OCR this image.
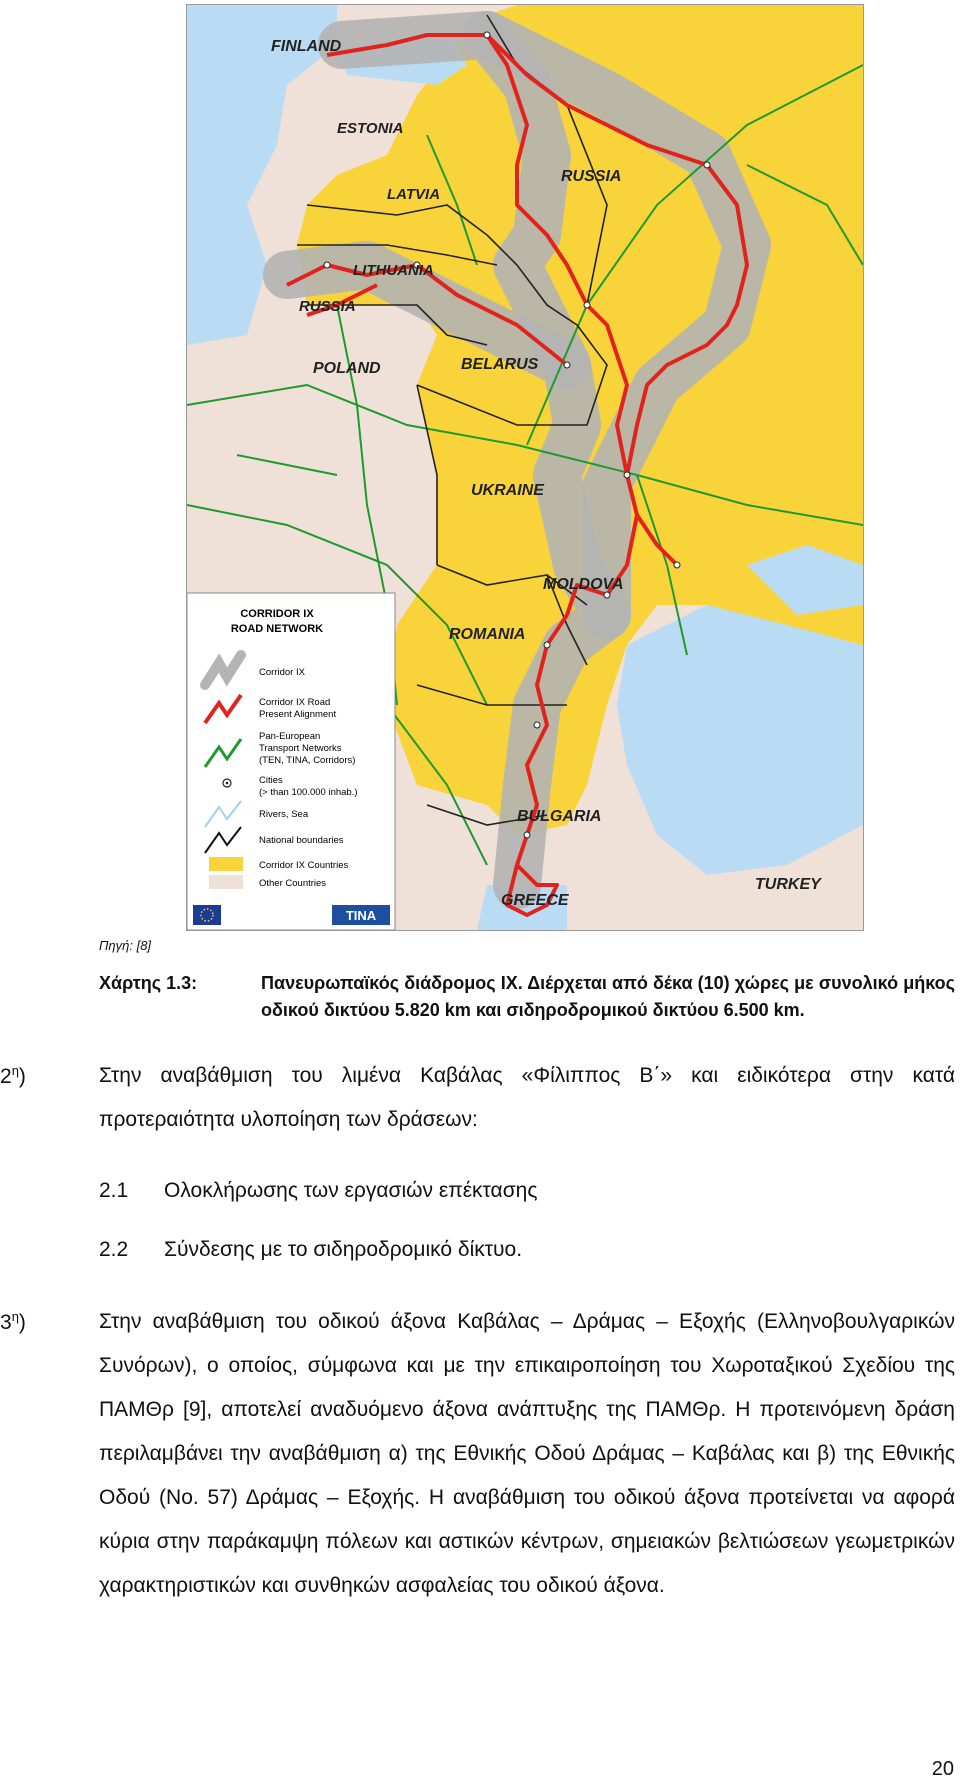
FINLAND
ESTONIA
LATVIA
LITHUANIA
RUSSIA
RUSSIA
POLAND	BELARUS
UKRAINE
MOLDOVA
ROMANIA
BULGARIA
GREECE
TURKEY
CORRIDOR IX
ROAD NETWORK
Corridor IX
Corridor IX Road
Present Alignment
Pan-European
Transport Networks
(TEN, TINA, Corridors)
Cities
(> than 100.000 inhab.)
Rivers, Sea
National boundaries
Corridor IX Countries
Other Countries
TINA
Πηγή: [8]
Χάρτης 1.3:	Πανευρωπαϊκός διάδρομος ΙΧ. Διέρχεται από δέκα (10) χώρες με συνολικό μήκος οδικού δικτύου 5.820 km και σιδηροδρομικού δικτύου 6.500 km.
$2^\eta$)	Στην αναβάθμιση του λιμένα Καβάλας «Φίλιππος Β΄» και ειδικότερα στην κατά προτεραιότητα υλοποίηση των δράσεων:
2.1 Ολοκλήρωσης των εργασιών επέκτασης
2.2 Σύνδεσης με το σιδηροδρομικό δίκτυο.
$3^\eta$)	Στην αναβάθμιση του οδικού άξονα Καβάλας – Δράμας – Εξοχής (Ελληνοβουλγαρικών Συνόρων), ο οποίος, σύμφωνα και με την επικαιροποίηση του Χωροταξικού Σχεδίου της ΠΑΜΘρ [9], αποτελεί αναδυόμενο άξονα ανάπτυξης της ΠΑΜΘρ. Η προτεινόμενη δράση περιλαμβάνει την αναβάθμιση α) της Εθνικής Οδού Δράμας – Καβάλας και β) της Εθνικής Οδού (Νο. 57) Δράμας – Εξοχής. Η αναβάθμιση του οδικού άξονα προτείνεται να αφορά κύρια στην παράκαμψη πόλεων και αστικών κέντρων, σημειακών βελτιώσεων γεωμετρικών χαρακτηριστικών και συνθηκών ασφαλείας του οδικού άξονα.
20
